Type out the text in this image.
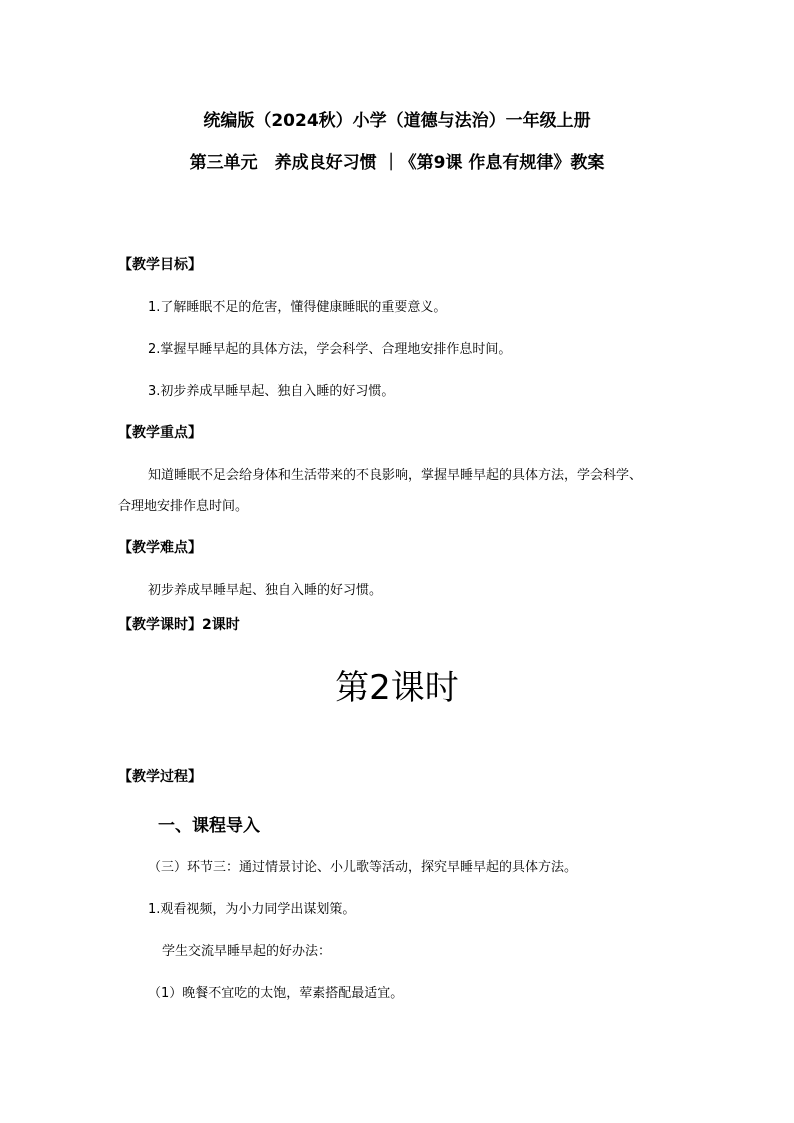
统编版（2024秋）小学（道德与法治）一年级上册
第三单元　养成良好习惯 ｜《第9课 作息有规律》教案
【教学目标】
1.了解睡眠不足的危害，懂得健康睡眠的重要意义。
2.掌握早睡早起的具体方法，学会科学、合理地安排作息时间。
3.初步养成早睡早起、独自入睡的好习惯。
【教学重点】
知道睡眠不足会给身体和生活带来的不良影响，掌握早睡早起的具体方法，学会科学、
合理地安排作息时间。
【教学难点】
初步养成早睡早起、独自入睡的好习惯。
【教学课时】2课时
第2课时
【教学过程】
一、课程导入
（三）环节三：通过情景讨论、小儿歌等活动，探究早睡早起的具体方法。
1.观看视频，为小力同学出谋划策。
学生交流早睡早起的好办法：
（1）晚餐不宜吃的太饱，荤素搭配最适宜。
